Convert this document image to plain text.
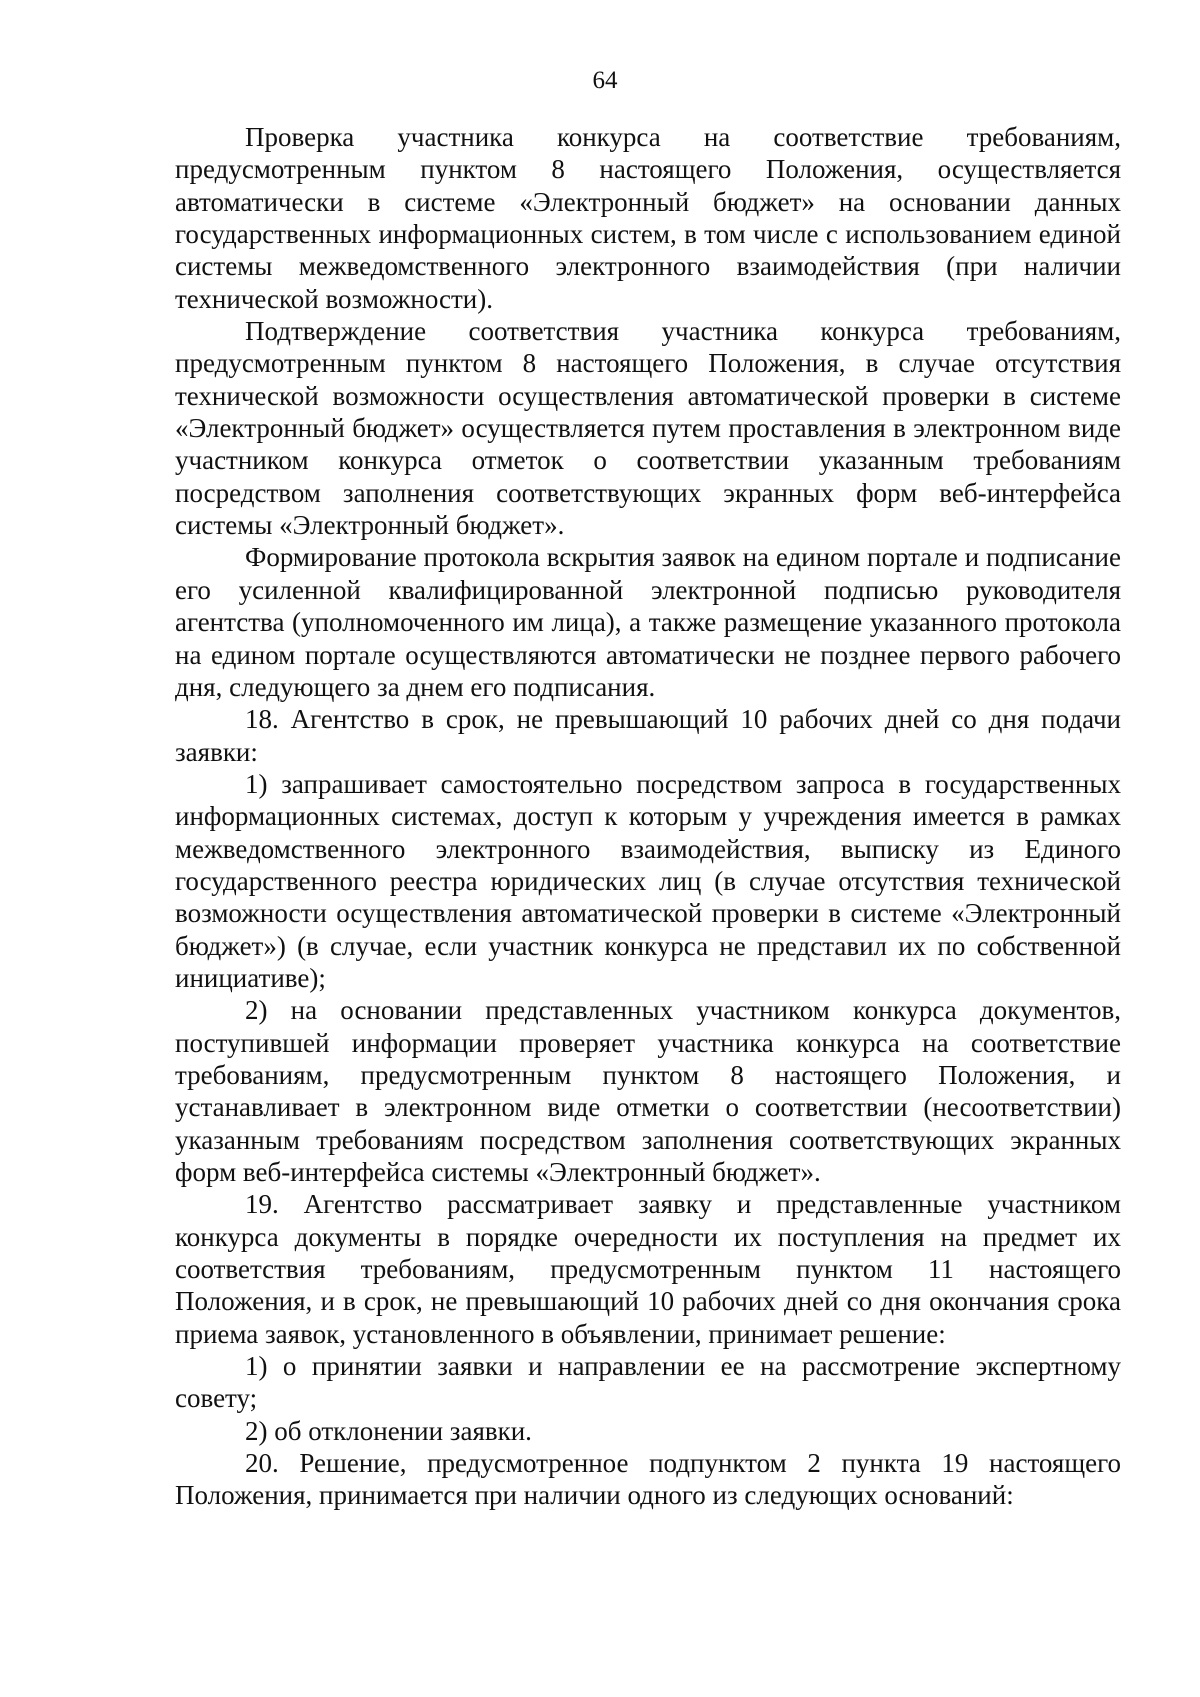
64

Проверка участника конкурса на соответствие требованиям, предусмотренным пунктом 8 настоящего Положения, осуществляется автоматически в системе «Электронный бюджет» на основании данных государственных информационных систем, в том числе с использованием единой системы межведомственного электронного взаимодействия (при наличии технической возможности).

Подтверждение соответствия участника конкурса требованиям, предусмотренным пунктом 8 настоящего Положения, в случае отсутствия технической возможности осуществления автоматической проверки в системе «Электронный бюджет» осуществляется путем проставления в электронном виде участником конкурса отметок о соответствии указанным требованиям посредством заполнения соответствующих экранных форм веб-интерфейса системы «Электронный бюджет».

Формирование протокола вскрытия заявок на едином портале и подписание его усиленной квалифицированной электронной подписью руководителя агентства (уполномоченного им лица), а также размещение указанного протокола на едином портале осуществляются автоматически не позднее первого рабочего дня, следующего за днем его подписания.

18. Агентство в срок, не превышающий 10 рабочих дней со дня подачи заявки:

1) запрашивает самостоятельно посредством запроса в государственных информационных системах, доступ к которым у учреждения имеется в рамках межведомственного электронного взаимодействия, выписку из Единого государственного реестра юридических лиц (в случае отсутствия технической возможности осуществления автоматической проверки в системе «Электронный бюджет») (в случае, если участник конкурса не представил их по собственной инициативе);

2) на основании представленных участником конкурса документов, поступившей информации проверяет участника конкурса на соответствие требованиям, предусмотренным пунктом 8 настоящего Положения, и устанавливает в электронном виде отметки о соответствии (несоответствии) указанным требованиям посредством заполнения соответствующих экранных форм веб-интерфейса системы «Электронный бюджет».

19. Агентство рассматривает заявку и представленные участником конкурса документы в порядке очередности их поступления на предмет их соответствия требованиям, предусмотренным пунктом 11 настоящего Положения, и в срок, не превышающий 10 рабочих дней со дня окончания срока приема заявок, установленного в объявлении, принимает решение:

1) о принятии заявки и направлении ее на рассмотрение экспертному совету;

2) об отклонении заявки.

20. Решение, предусмотренное подпунктом 2 пункта 19 настоящего Положения, принимается при наличии одного из следующих оснований:
